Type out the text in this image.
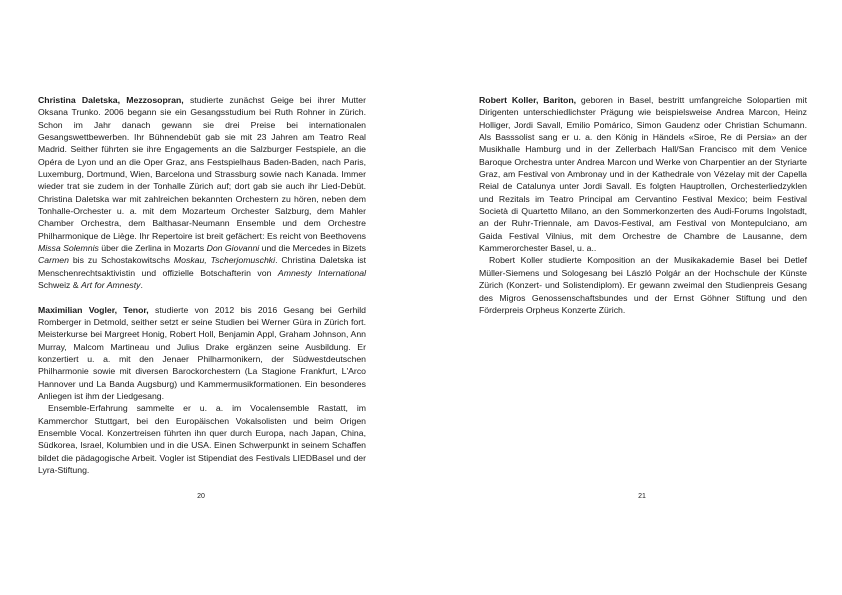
Christina Daletska, Mezzosopran, studierte zunächst Geige bei ihrer Mutter Oksana Trunko. 2006 begann sie ein Gesangsstudium bei Ruth Rohner in Zürich. Schon im Jahr danach gewann sie drei Preise bei internationalen Gesangswettbewerben. Ihr Bühnendebüt gab sie mit 23 Jahren am Teatro Real Madrid. Seither führten sie ihre Engagements an die Salzburger Festspiele, an die Opéra de Lyon und an die Oper Graz, ans Festspielhaus Baden-Baden, nach Paris, Luxemburg, Dortmund, Wien, Barcelona und Strassburg sowie nach Kanada. Immer wieder trat sie zudem in der Tonhalle Zürich auf; dort gab sie auch ihr Lied-Debüt. Christina Daletska war mit zahlreichen bekannten Orchestern zu hören, neben dem Tonhalle-Orchester u. a. mit dem Mozarteum Orchester Salzburg, dem Mahler Chamber Orchestra, dem Balthasar-Neumann Ensemble und dem Orchestre Philharmonique de Liège. Ihr Repertoire ist breit gefächert: Es reicht von Beethovens Missa Solemnis über die Zerlina in Mozarts Don Giovanni und die Mercedes in Bizets Carmen bis zu Schostakowitschs Moskau, Tscherjomuschki. Christina Daletska ist Menschenrechtsaktivistin und offizielle Botschafterin von Amnesty International Schweiz & Art for Amnesty.

Maximilian Vogler, Tenor, studierte von 2012 bis 2016 Gesang bei Gerhild Romberger in Detmold, seither setzt er seine Studien bei Werner Güra in Zürich fort. Meisterkurse bei Margreet Honig, Robert Holl, Benjamin Appl, Graham Johnson, Ann Murray, Malcom Martineau und Julius Drake ergänzen seine Ausbildung. Er konzertiert u. a. mit den Jenaer Philharmonikern, der Südwestdeutschen Philharmonie sowie mit diversen Barockorchestern (La Stagione Frankfurt, L'Arco Hannover und La Banda Augsburg) und Kammermusikformationen. Ein besonderes Anliegen ist ihm der Liedgesang.

Ensemble-Erfahrung sammelte er u. a. im Vocalensemble Rastatt, im Kammerchor Stuttgart, bei den Europäischen Vokalsolisten und beim Origen Ensemble Vocal. Konzertreisen führten ihn quer durch Europa, nach Japan, China, Südkorea, Israel, Kolumbien und in die USA. Einen Schwerpunkt in seinem Schaffen bildet die pädagogische Arbeit. Vogler ist Stipendiat des Festivals LIEDBasel und der Lyra-Stiftung.

20

Robert Koller, Bariton, geboren in Basel, bestritt umfangreiche Solopartien mit Dirigenten unterschiedlichster Prägung wie beispielsweise Andrea Marcon, Heinz Holliger, Jordi Savall, Emilio Pomárico, Simon Gaudenz oder Christian Schumann. Als Basssolist sang er u. a. den König in Händels «Siroe, Re di Persia» an der Musikhalle Hamburg und in der Zellerbach Hall/San Francisco mit dem Venice Baroque Orchestra unter Andrea Marcon und Werke von Charpentier an der Styriarte Graz, am Festival von Ambronay und in der Kathedrale von Vézelay mit der Capella Reial de Catalunya unter Jordi Savall. Es folgten Hauptrollen, Orchesterliedzyklen und Rezitals im Teatro Principal am Cervantino Festival Mexico; beim Festival Società di Quartetto Milano, an den Sommerkonzerten des Audi-Forums Ingolstadt, an der Ruhr-Triennale, am Davos-Festival, am Festival von Montepulciano, am Gaida Festival Vilnius, mit dem Orchestre de Chambre de Lausanne, dem Kammerorchester Basel, u. a..

Robert Koller studierte Komposition an der Musikakademie Basel bei Detlef Müller-Siemens und Sologesang bei László Polgár an der Hochschule der Künste Zürich (Konzert- und Solistendiplom). Er gewann zweimal den Studienpreis Gesang des Migros Genossenschaftsbundes und der Ernst Göhner Stiftung und den Förderpreis Orpheus Konzerte Zürich.

21
